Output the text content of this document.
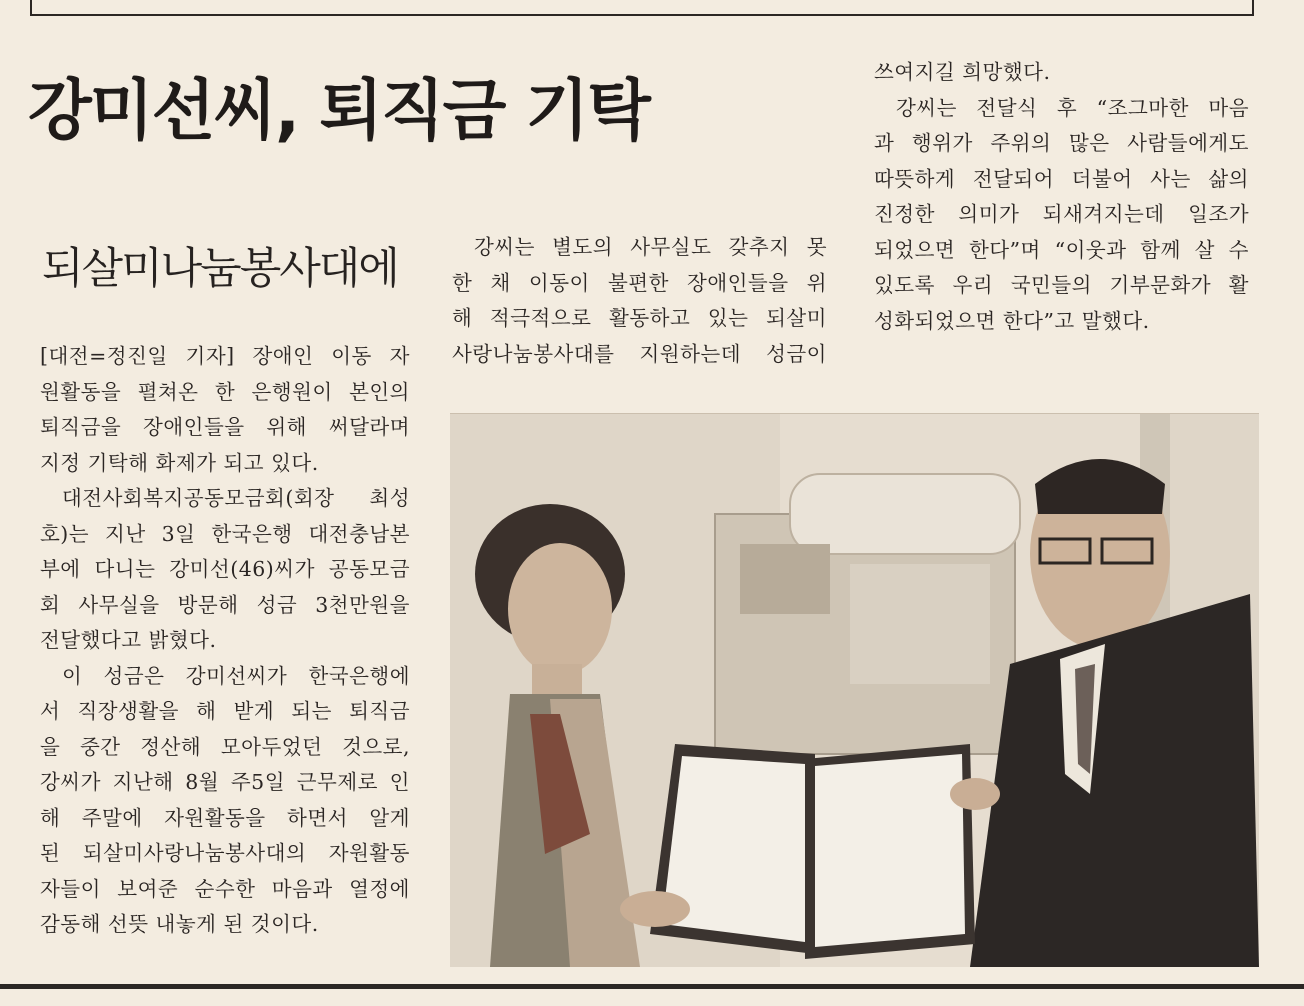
강미선씨, 퇴직금 기탁
되살미나눔봉사대에
[대전=정진일 기자] 장애인 이동 자
원활동을 펼쳐온 한 은행원이 본인의
퇴직금을 장애인들을 위해 써달라며
지정 기탁해 화제가 되고 있다.
대전사회복지공동모금회(회장 최성
호)는 지난 3일 한국은행 대전충남본
부에 다니는 강미선(46)씨가 공동모금
회 사무실을 방문해 성금 3천만원을
전달했다고 밝혔다.
이 성금은 강미선씨가 한국은행에
서 직장생활을 해 받게 되는 퇴직금
을 중간 정산해 모아두었던 것으로,
강씨가 지난해 8월 주5일 근무제로 인
해 주말에 자원활동을 하면서 알게
된 되살미사랑나눔봉사대의 자원활동
자들이 보여준 순수한 마음과 열정에
감동해 선뜻 내놓게 된 것이다.
강씨는 별도의 사무실도 갖추지 못
한 채 이동이 불편한 장애인들을 위
해 적극적으로 활동하고 있는 되살미
사랑나눔봉사대를 지원하는데 성금이
쓰여지길 희망했다.
강씨는 전달식 후 “조그마한 마음
과 행위가 주위의 많은 사람들에게도
따뜻하게 전달되어 더불어 사는 삶의
진정한 의미가 되새겨지는데 일조가
되었으면 한다”며 “이웃과 함께 살 수
있도록 우리 국민들의 기부문화가 활
성화되었으면 한다”고 말했다.
